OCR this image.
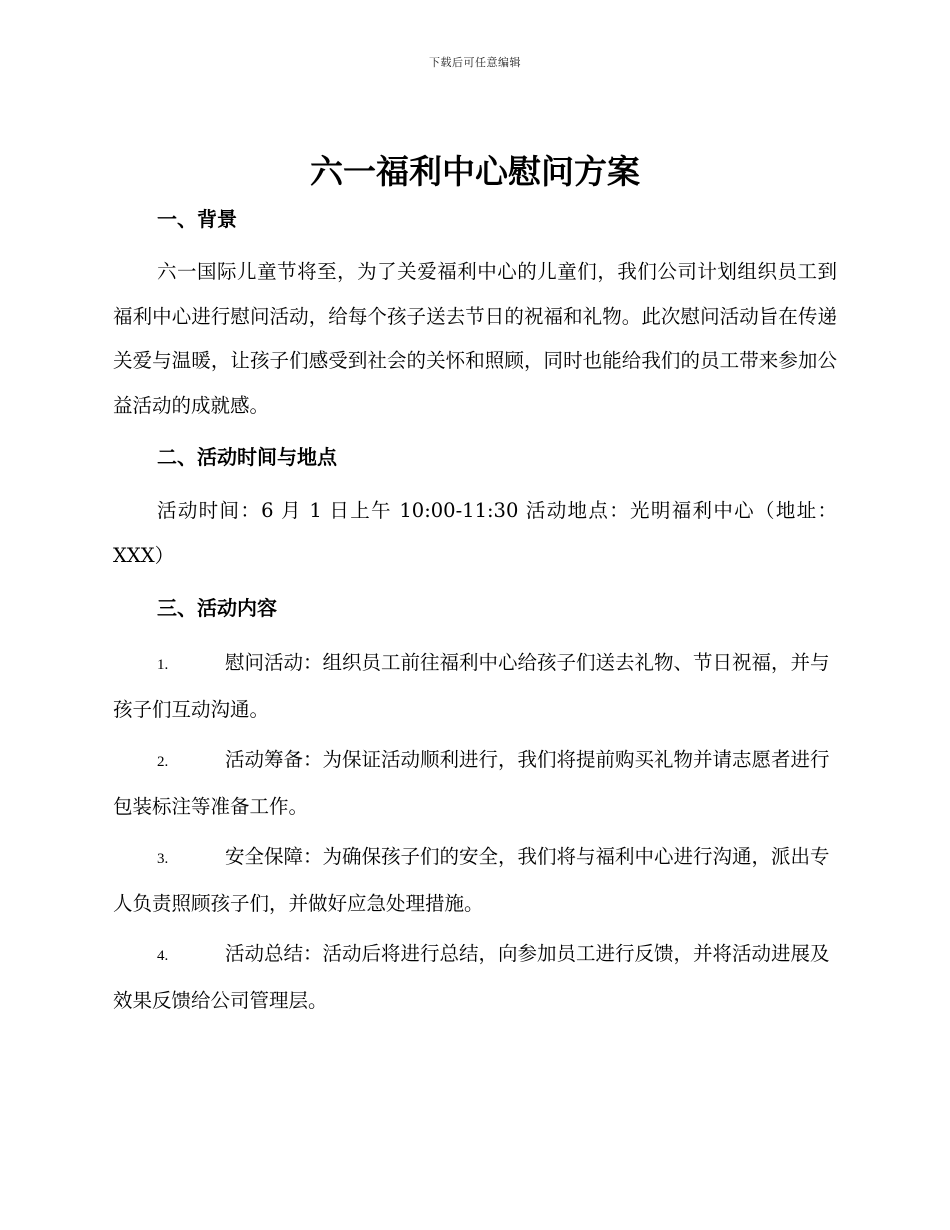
下载后可任意编辑
六一福利中心慰问方案
一、背景

六一国际儿童节将至，为了关爱福利中心的儿童们，我们公司计划组织员工到福利中心进行慰问活动，给每个孩子送去节日的祝福和礼物。此次慰问活动旨在传递关爱与温暖，让孩子们感受到社会的关怀和照顾，同时也能给我们的员工带来参加公益活动的成就感。

二、活动时间与地点

活动时间：6 月 1 日上午 10:00-11:30 活动地点：光明福利中心（地址：XXX）

三、活动内容

1.	慰问活动：组织员工前往福利中心给孩子们送去礼物、节日祝福，并与孩子们互动沟通。

2.	活动筹备：为保证活动顺利进行，我们将提前购买礼物并请志愿者进行包装标注等准备工作。

3.	安全保障：为确保孩子们的安全，我们将与福利中心进行沟通，派出专人负责照顾孩子们，并做好应急处理措施。

4.	活动总结：活动后将进行总结，向参加员工进行反馈，并将活动进展及效果反馈给公司管理层。
